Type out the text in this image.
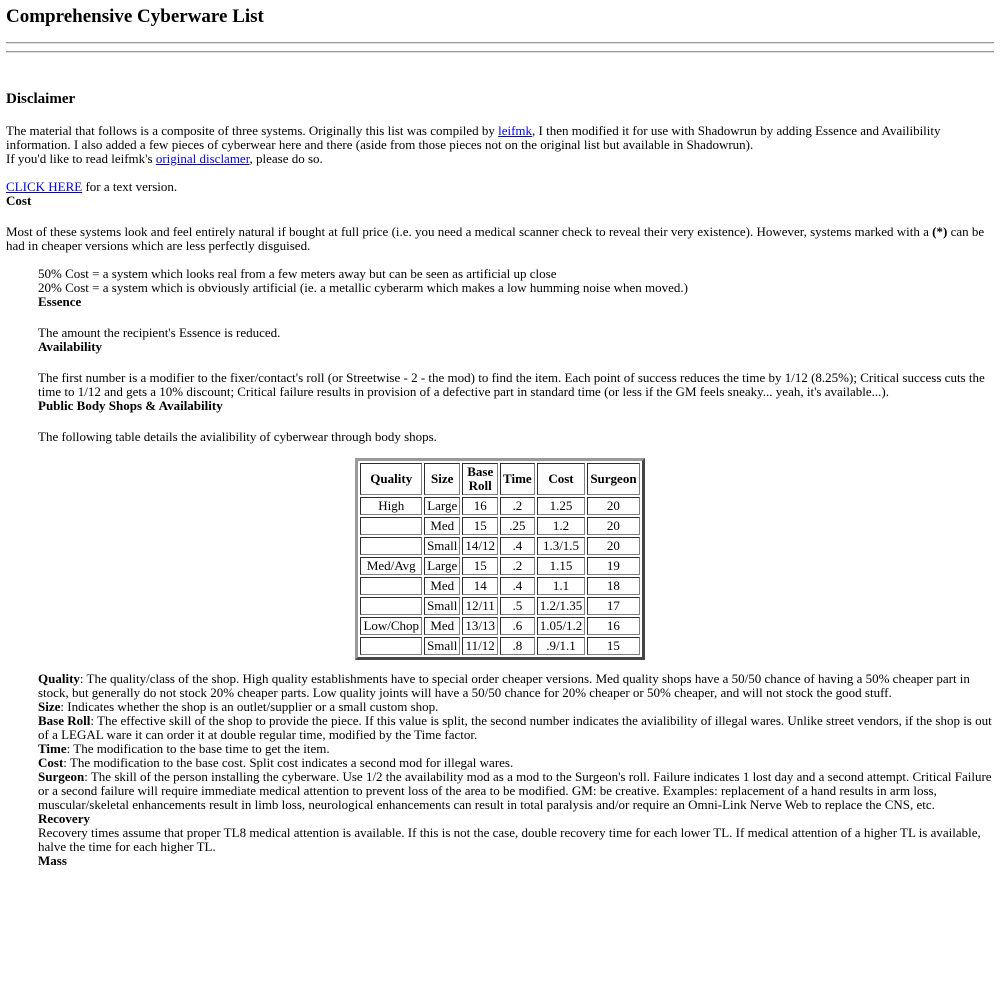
Comprehensive Cyberware List
Disclaimer

The material that follows is a composite of three systems. Originally this list was compiled by leifmk, I then modified it for use with Shadowrun by adding Essence and Availibility information. I also added a few pieces of cyberwear here and there (aside from those pieces not on the original list but available in Shadowrun).
If you'd like to read leifmk's original disclamer, please do so.

CLICK HERE for a text version.

Cost

Most of these systems look and feel entirely natural if bought at full price (i.e. you need a medical scanner check to reveal their very existence). However, systems marked with a (*) can be had in cheaper versions which are less perfectly disguised.

50% Cost = a system which looks real from a few meters away but can be seen as artificial up close

20% Cost = a system which is obviously artificial (ie. a metallic cyberarm which makes a low humming noise when moved.)

Essence

The amount the recipient's Essence is reduced.

Availability

The first number is a modifier to the fixer/contact's roll (or Streetwise - 2 - the mod) to find the item. Each point of success reduces the time by 1/12 (8.25%); Critical success cuts the time to 1/12 and gets a 10% discount; Critical failure results in provision of a defective part in standard time (or less if the GM feels sneaky... yeah, it's available...).

Public Body Shops & Availability

The following table details the avialibility of cyberwear through body shops.

Quality	Size	Base Roll	Time	Cost	Surgeon
High	Large	16	.2	1.25	20
	Med	15	.25	1.2	20
	Small	14/12	.4	1.3/1.5	20
Med/Avg	Large	15	.2	1.15	19
	Med	14	.4	1.1	18
	Small	12/11	.5	1.2/1.35	17
Low/Chop	Med	13/13	.6	1.05/1.2	16
	Small	11/12	.8	.9/1.1	15

Quality: The quality/class of the shop. High quality establishments have to special order cheaper versions. Med quality shops have a 50/50 chance of having a 50% cheaper part in stock, but generally do not stock 20% cheaper parts. Low quality joints will have a 50/50 chance for 20% cheaper or 50% cheaper, and will not stock the good stuff.

Size: Indicates whether the shop is an outlet/supplier or a small custom shop.

Base Roll: The effective skill of the shop to provide the piece. If this value is split, the second number indicates the avialibility of illegal wares. Unlike street vendors, if the shop is out of a LEGAL ware it can order it at double regular time, modified by the Time factor.

Time: The modification to the base time to get the item.

Cost: The modification to the base cost. Split cost indicates a second mod for illegal wares.

Surgeon: The skill of the person installing the cyberware. Use 1/2 the availability mod as a mod to the Surgeon's roll. Failure indicates 1 lost day and a second attempt. Critical Failure or a second failure will require immediate medical attention to prevent loss of the area to be modified. GM: be creative. Examples: replacement of a hand results in arm loss, muscular/skeletal enhancements result in limb loss, neurological enhancements can result in total paralysis and/or require an Omni-Link Nerve Web to replace the CNS, etc.

Recovery

Recovery times assume that proper TL8 medical attention is available. If this is not the case, double recovery time for each lower TL. If medical attention of a higher TL is available, halve the time for each higher TL.

Mass
